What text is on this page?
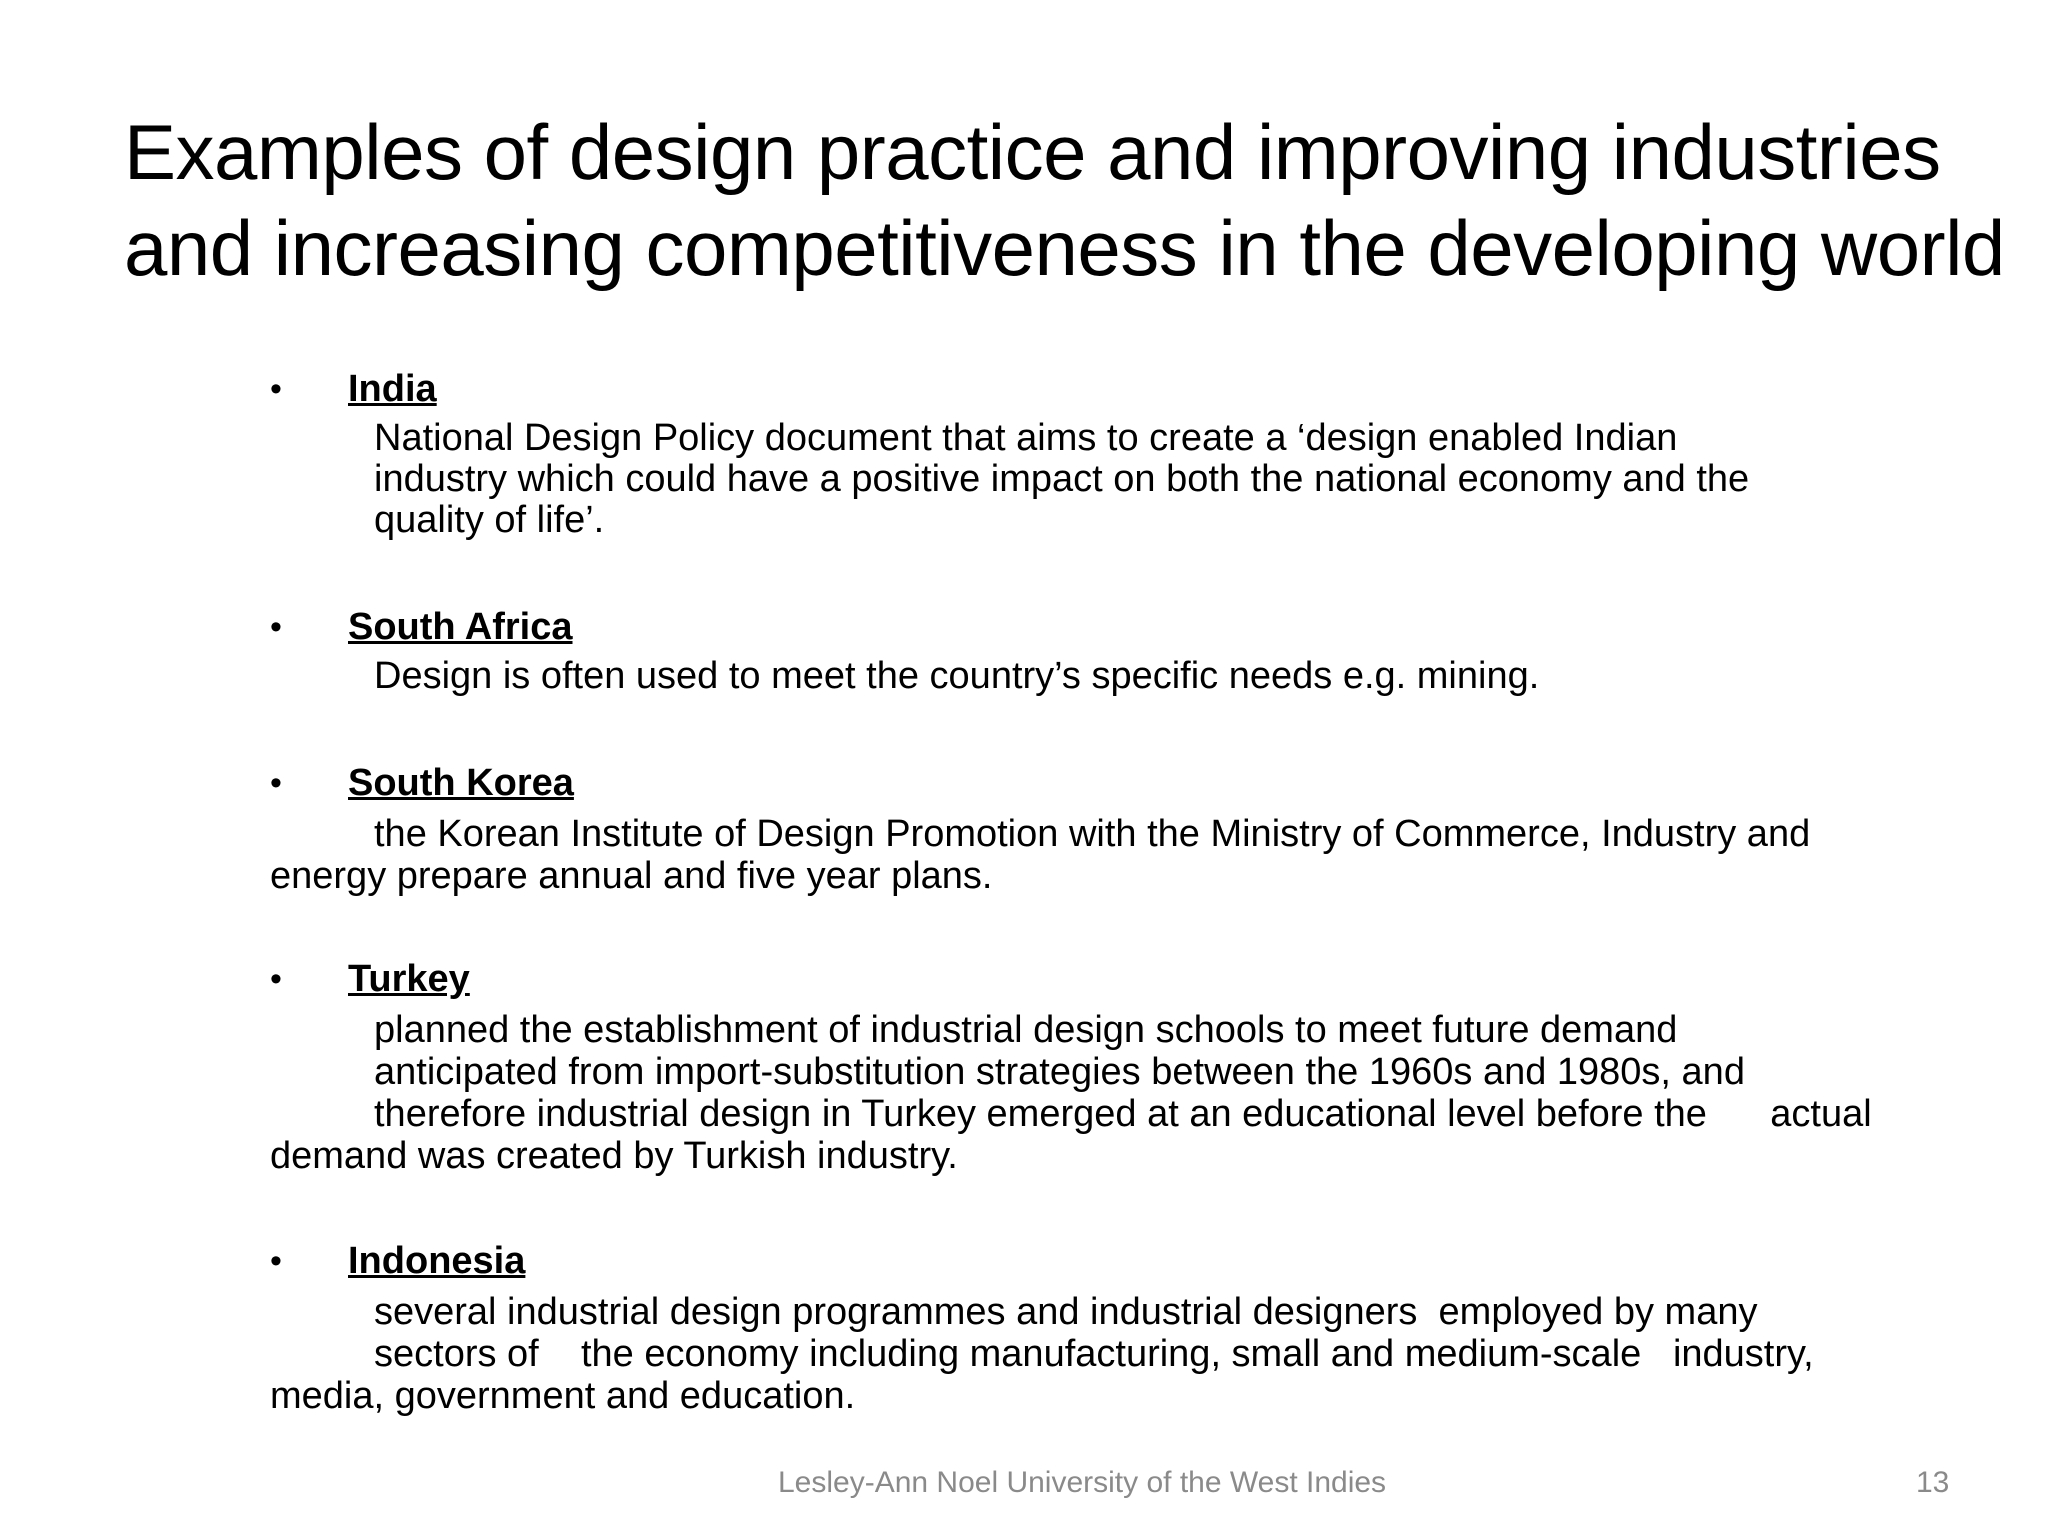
Examples of design practice and improving industries
and increasing competitiveness in the developing world
• India
National Design Policy document that aims to create a ‘design enabled Indian
industry which could have a positive impact on both the national economy and the
quality of life’.
• South Africa
Design is often used to meet the country’s specific needs e.g. mining.
• South Korea
the Korean Institute of Design Promotion with the Ministry of Commerce, Industry and
energy prepare annual and five year plans.
• Turkey
planned the establishment of industrial design schools to meet future demand
anticipated from import-substitution strategies between the 1960s and 1980s, and
therefore industrial design in Turkey emerged at an educational level before the      actual
demand was created by Turkish industry.
• Indonesia
several industrial design programmes and industrial designers  employed by many
sectors of    the economy including manufacturing, small and medium-scale   industry,
media, government and education.
Lesley-Ann Noel University of the West Indies	13
